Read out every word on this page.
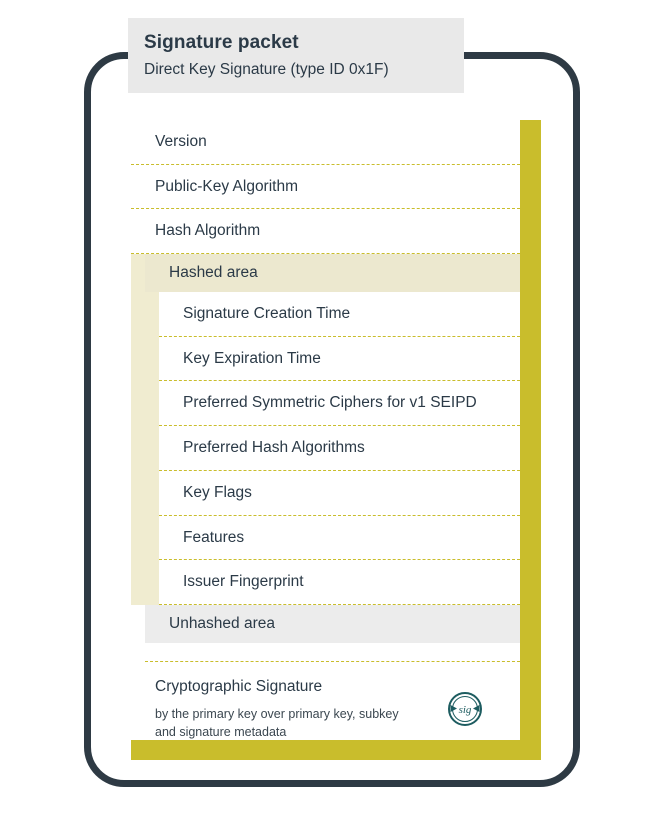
Signature packet
Direct Key Signature (type ID 0x1F)
Version
Public-Key Algorithm
Hash Algorithm
Hashed area
Signature Creation Time
Key Expiration Time
Preferred Symmetric Ciphers for v1 SEIPD
Preferred Hash Algorithms
Key Flags
Features
Issuer Fingerprint
Unhashed area
Cryptographic Signature
by the primary key over primary key, subkey and signature metadata
sig
